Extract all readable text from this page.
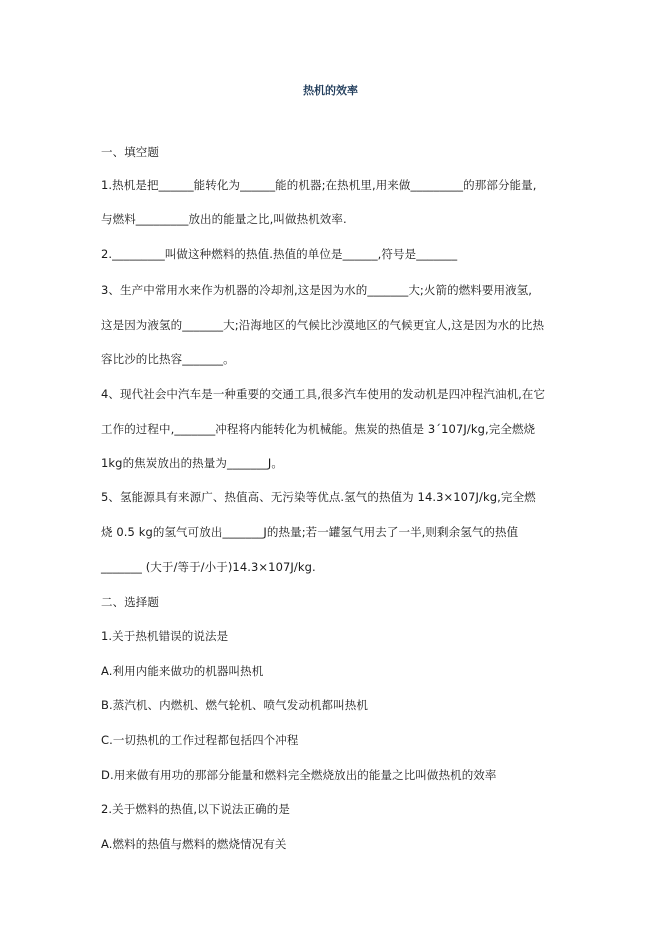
热机的效率
一、填空题
1.热机是把______能转化为______能的机器;在热机里,用来做_________的那部分能量,
与燃料_________放出的能量之比,叫做热机效率.
2._________叫做这种燃料的热值.热值的单位是______,符号是_______
3、生产中常用水来作为机器的冷却剂,这是因为水的_______大;火箭的燃料要用液氢,
这是因为液氢的_______大;沿海地区的气候比沙漠地区的气候更宜人,这是因为水的比热
容比沙的比热容_______。
4、现代社会中汽车是一种重要的交通工具,很多汽车使用的发动机是四冲程汽油机,在它
工作的过程中,_______冲程将内能转化为机械能。焦炭的热值是 3´107J/kg,完全燃烧
1kg的焦炭放出的热量为_______J。
5、氢能源具有来源广、热值高、无污染等优点.氢气的热值为 14.3×107J/kg,完全燃
烧 0.5 kg的氢气可放出_______J的热量;若一罐氢气用去了一半,则剩余氢气的热值
_______ (大于/等于/小于)14.3×107J/kg.
二、选择题
1.关于热机错误的说法是
A.利用内能来做功的机器叫热机
B.蒸汽机、内燃机、燃气轮机、喷气发动机都叫热机
C.一切热机的工作过程都包括四个冲程
D.用来做有用功的那部分能量和燃料完全燃烧放出的能量之比叫做热机的效率
2.关于燃料的热值,以下说法正确的是
A.燃料的热值与燃料的燃烧情况有关
